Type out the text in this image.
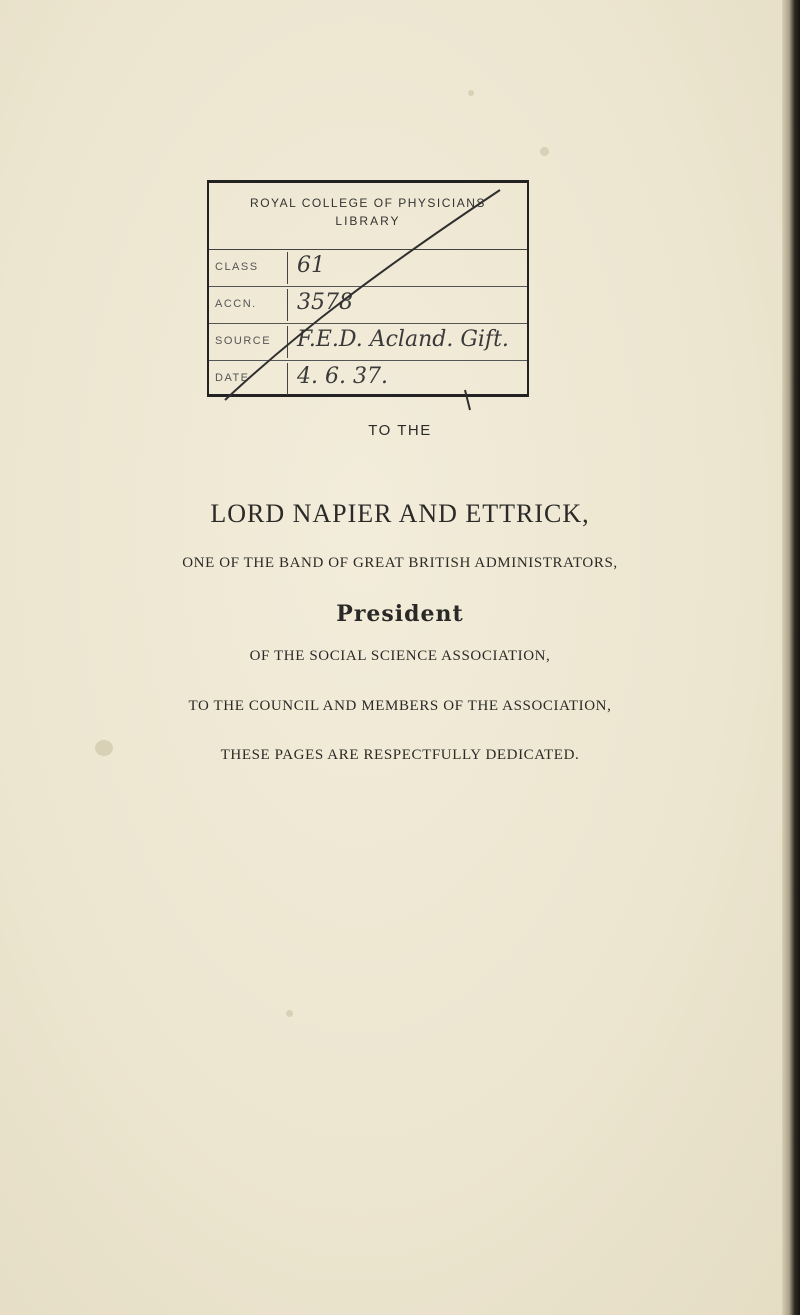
ROYAL COLLEGE OF PHYSICIANS
LIBRARY
CLASS	61
ACCN.	3578
SOURCE	F.E.D. Acland. Gift.
DATE	4. 6. 37.
TO THE
LORD NAPIER AND ETTRICK,
ONE OF THE BAND OF GREAT BRITISH ADMINISTRATORS,
President
OF THE SOCIAL SCIENCE ASSOCIATION,
TO THE COUNCIL AND MEMBERS OF THE ASSOCIATION,
THESE PAGES ARE RESPECTFULLY DEDICATED.
